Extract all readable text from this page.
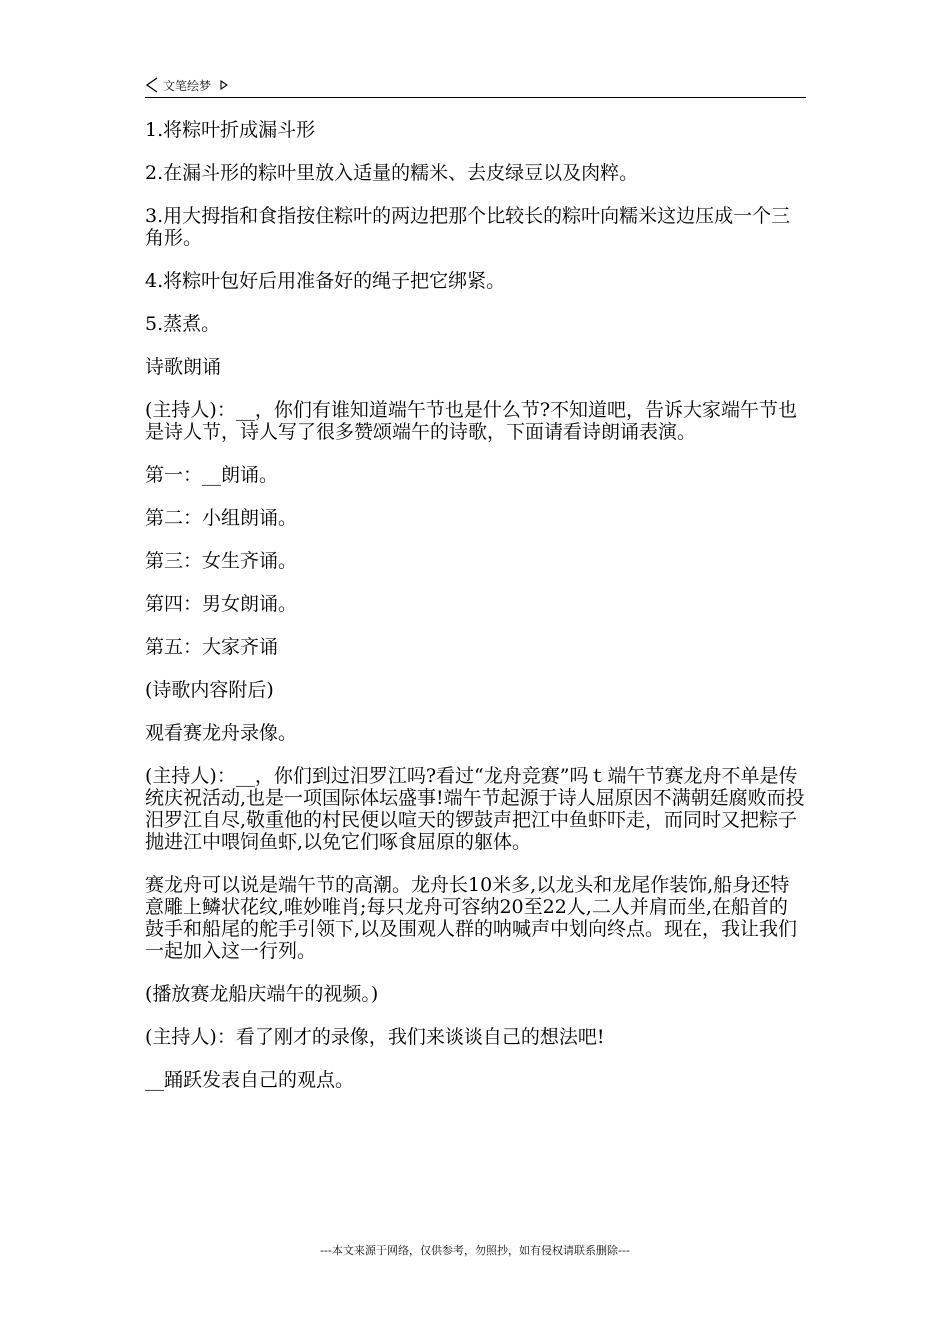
文笔绘梦

1.将粽叶折成漏斗形

2.在漏斗形的粽叶里放入适量的糯米、去皮绿豆以及肉粹。

3.用大拇指和食指按住粽叶的两边把那个比较长的粽叶向糯米这边压成一个三角形。

4.将粽叶包好后用准备好的绳子把它绑紧。

5.蒸煮。

诗歌朗诵

(主持人)：__，你们有谁知道端午节也是什么节?不知道吧，告诉大家端午节也是诗人节，诗人写了很多赞颂端午的诗歌，下面请看诗朗诵表演。

第一：__朗诵。

第二：小组朗诵。

第三：女生齐诵。

第四：男女朗诵。

第五：大家齐诵

(诗歌内容附后)

观看赛龙舟录像。

(主持人)：__，你们到过汨罗江吗?看过“龙舟竞赛”吗ｔ端午节赛龙舟不单是传统庆祝活动,也是一项国际体坛盛事!端午节起源于诗人屈原因不满朝廷腐败而投汨罗江自尽,敬重他的村民便以喧天的锣鼓声把江中鱼虾吓走，而同时又把粽子抛进江中喂饲鱼虾,以免它们啄食屈原的躯体。

赛龙舟可以说是端午节的高潮。龙舟长10米多,以龙头和龙尾作装饰,船身还特意雕上鳞状花纹,唯妙唯肖;每只龙舟可容纳20至22人,二人并肩而坐,在船首的鼓手和船尾的舵手引领下,以及围观人群的呐喊声中划向终点。现在，我让我们一起加入这一行列。

(播放赛龙船庆端午的视频。)

(主持人)：看了刚才的录像，我们来谈谈自己的想法吧!

__踊跃发表自己的观点。

---本文来源于网络，仅供参考，勿照抄，如有侵权请联系删除---
